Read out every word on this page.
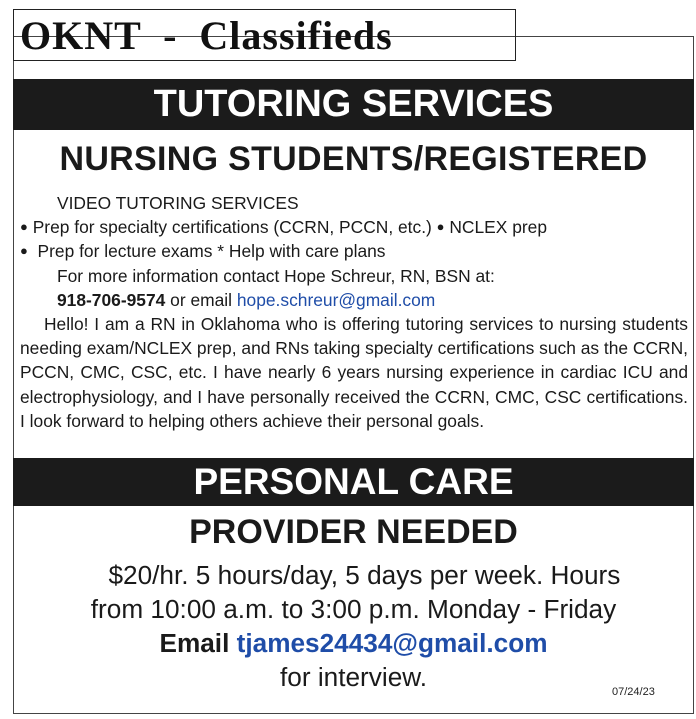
OKNT  -  Classifieds
TUTORING SERVICES
NURSING STUDENTS/REGISTERED
VIDEO TUTORING SERVICES
● Prep for specialty certifications (CCRN, PCCN, etc.) ● NCLEX prep
● Prep for lecture exams * Help with care plans
For more information contact Hope Schreur, RN, BSN at:
918-706-9574 or email hope.schreur@gmail.com
Hello! I am a RN in Oklahoma who is offering tutoring services to nursing students needing exam/NCLEX prep, and RNs taking specialty certifications such as the CCRN, PCCN, CMC, CSC, etc. I have nearly 6 years nursing experience in cardiac ICU and electrophysiology, and I have personally received the CCRN, CMC, CSC certifications. I look forward to helping others achieve their personal goals.
PERSONAL CARE
PROVIDER NEEDED
$20/hr. 5 hours/day, 5 days per week. Hours
from 10:00 a.m. to 3:00 p.m. Monday - Friday
Email tjames24434@gmail.com
for interview.	07/24/23
